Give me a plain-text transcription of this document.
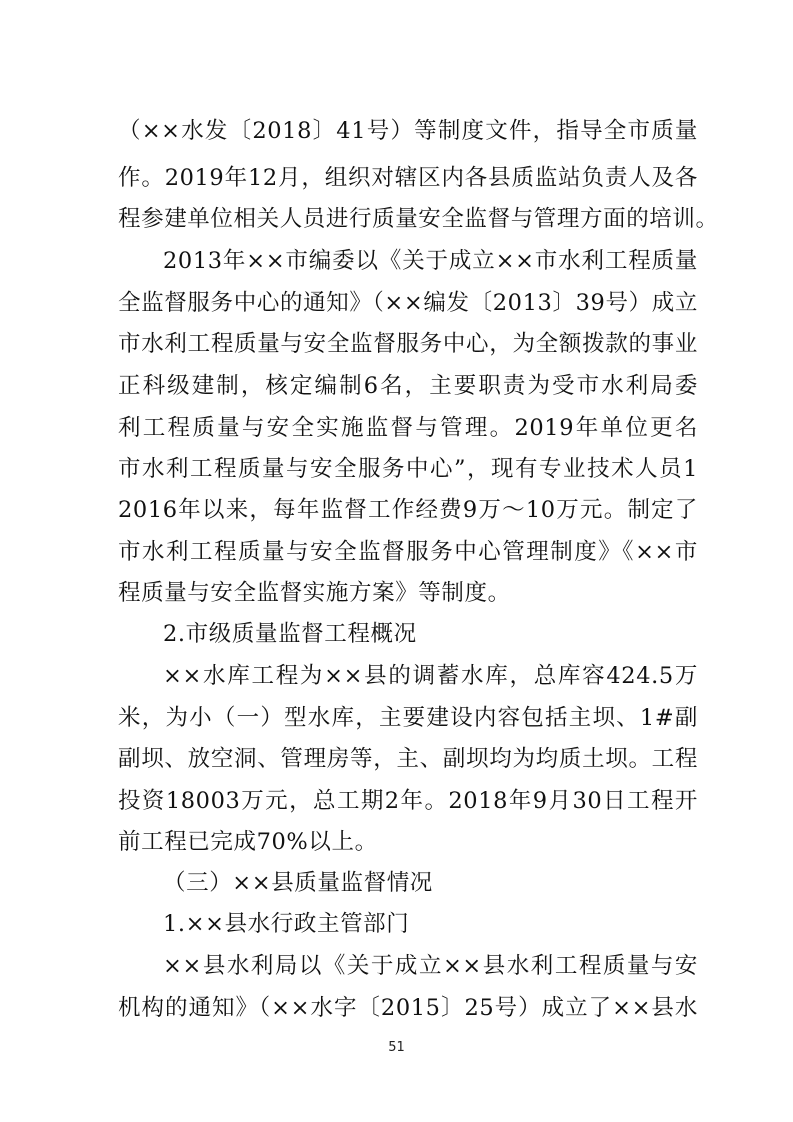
（××水发〔2018〕41号）等制度文件，指导全市质量
作。2019年12月，组织对辖区内各县质监站负责人及各
程参建单位相关人员进行质量安全监督与管理方面的培训。
2013年××市编委以《关于成立××市水利工程质量
全监督服务中心的通知》（××编发〔2013〕39号）成立
市水利工程质量与安全监督服务中心，为全额拨款的事业
正科级建制，核定编制6名，主要职责为受市水利局委
利工程质量与安全实施监督与管理。2019年单位更名
市水利工程质量与安全服务中心”，现有专业技术人员1
2016年以来，每年监督工作经费9万～10万元。制定了
市水利工程质量与安全监督服务中心管理制度》《××市
程质量与安全监督实施方案》等制度。
2.市级质量监督工程概况
××水库工程为××县的调蓄水库，总库容424.5万
米，为小（一）型水库，主要建设内容包括主坝、1#副
副坝、放空洞、管理房等，主、副坝均为均质土坝。工程
投资18003万元，总工期2年。2018年9月30日工程开
前工程已完成70%以上。
（三）××县质量监督情况
1.××县水行政主管部门
××县水利局以《关于成立××县水利工程质量与安
机构的通知》（××水字〔2015〕25号）成立了××县水
51
